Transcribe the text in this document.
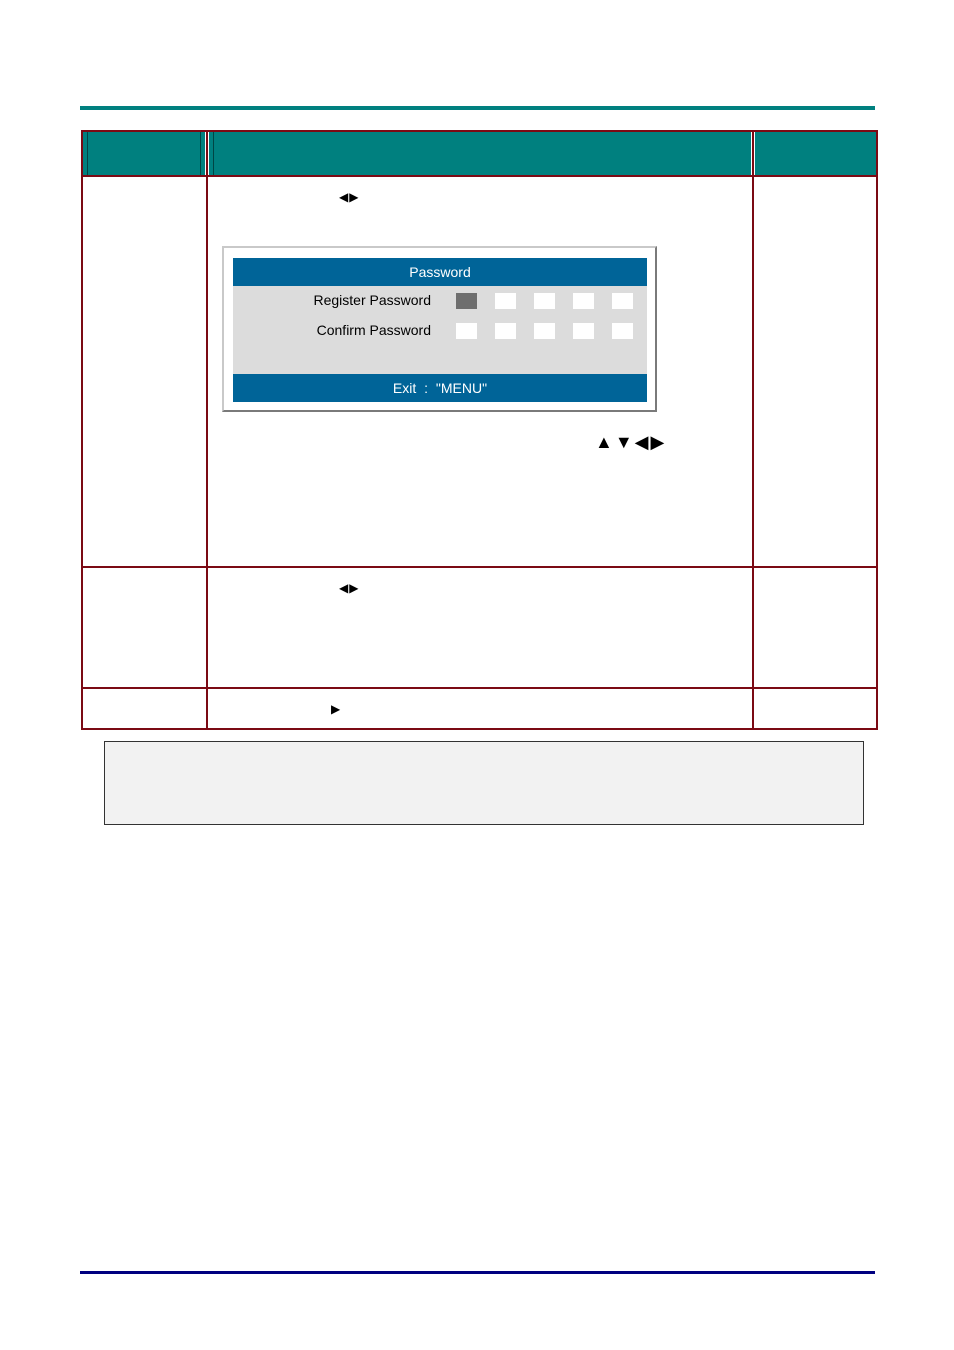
◀▶
Password
Register Password
Confirm Password
Exit : "MENU"
▲▼◀▶
◀▶
▶
